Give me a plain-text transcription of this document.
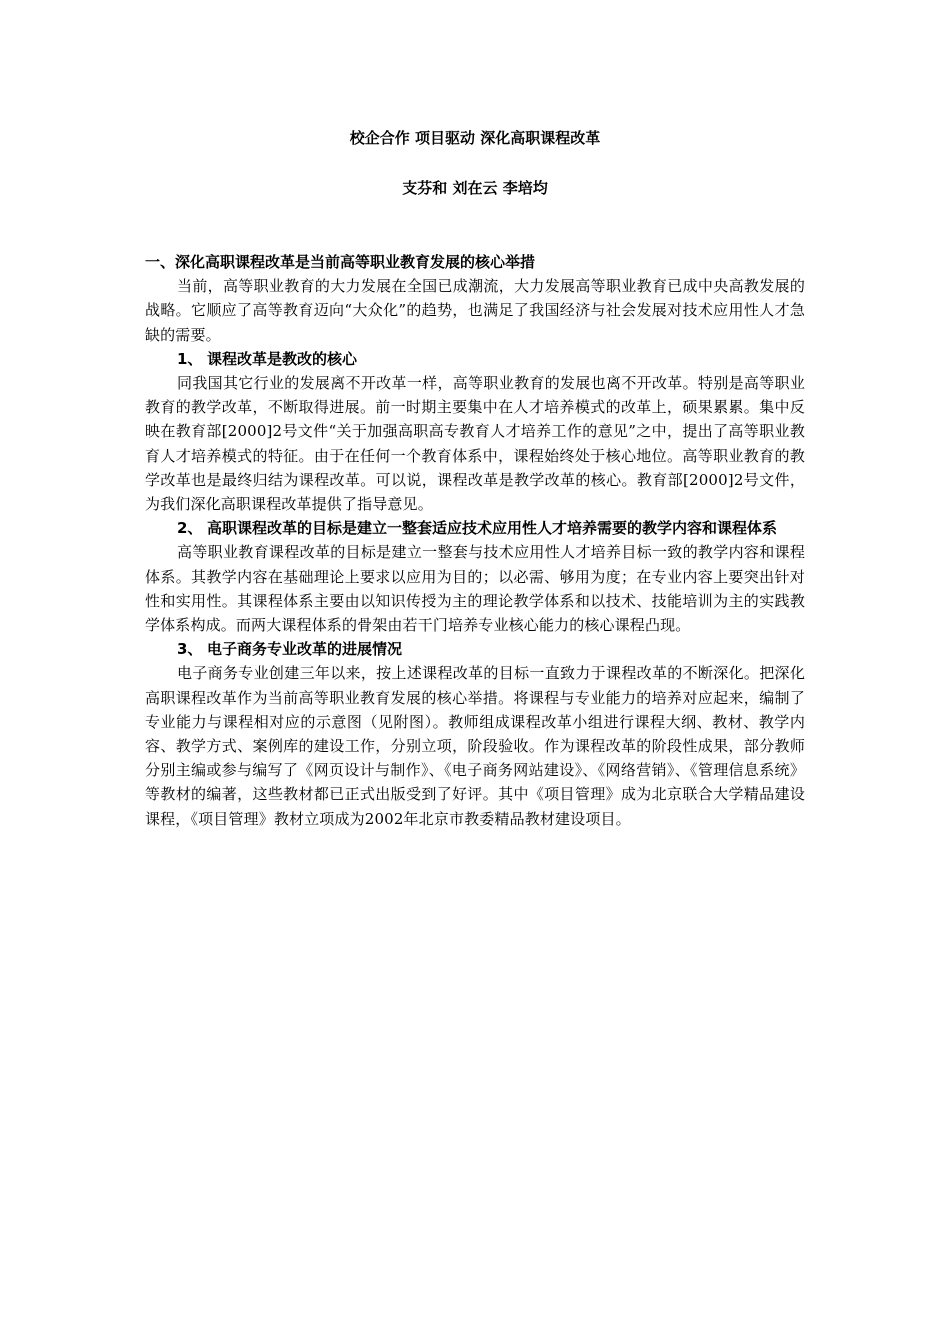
校企合作 项目驱动 深化高职课程改革
支芬和 刘在云 李培均

一、深化高职课程改革是当前高等职业教育发展的核心举措

当前，高等职业教育的大力发展在全国已成潮流，大力发展高等职业教育已成中央高教发展的战略。它顺应了高等教育迈向“大众化”的趋势，也满足了我国经济与社会发展对技术应用性人才急缺的需要。

1、 课程改革是教改的核心

同我国其它行业的发展离不开改革一样，高等职业教育的发展也离不开改革。特别是高等职业教育的教学改革，不断取得进展。前一时期主要集中在人才培养模式的改革上，硕果累累。集中反映在教育部[2000]2号文件“关于加强高职高专教育人才培养工作的意见”之中，提出了高等职业教育人才培养模式的特征。由于在任何一个教育体系中，课程始终处于核心地位。高等职业教育的教学改革也是最终归结为课程改革。可以说，课程改革是教学改革的核心。教育部[2000]2号文件，为我们深化高职课程改革提供了指导意见。

2、 高职课程改革的目标是建立一整套适应技术应用性人才培养需要的教学内容和课程体系

高等职业教育课程改革的目标是建立一整套与技术应用性人才培养目标一致的教学内容和课程体系。其教学内容在基础理论上要求以应用为目的；以必需、够用为度；在专业内容上要突出针对性和实用性。其课程体系主要由以知识传授为主的理论教学体系和以技术、技能培训为主的实践教学体系构成。而两大课程体系的骨架由若干门培养专业核心能力的核心课程凸现。

3、 电子商务专业改革的进展情况

电子商务专业创建三年以来，按上述课程改革的目标一直致力于课程改革的不断深化。把深化高职课程改革作为当前高等职业教育发展的核心举措。将课程与专业能力的培养对应起来，编制了专业能力与课程相对应的示意图（见附图）。教师组成课程改革小组进行课程大纲、教材、教学内容、教学方式、案例库的建设工作，分别立项，阶段验收。作为课程改革的阶段性成果，部分教师分别主编或参与编写了《网页设计与制作》、《电子商务网站建设》、《网络营销》、《管理信息系统》等教材的编著，这些教材都已正式出版受到了好评。其中《项目管理》成为北京联合大学精品建设课程，《项目管理》教材立项成为2002年北京市教委精品教材建设项目。
